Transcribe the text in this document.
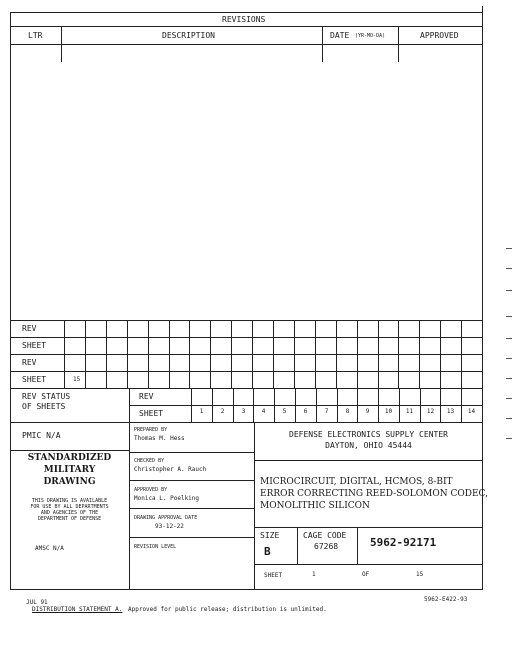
REVISIONS
LTR	DESCRIPTION	DATE (YR-MO-DA)	APPROVED
REV
SHEET
REV
SHEET	15
REV STATUS
OF SHEETS
REV
SHEET	1	2	3	4	5	6	7	8	9	10	11	12	13	14
PMIC N/A
STANDARDIZED
MILITARY
DRAWING
THIS DRAWING IS AVAILABLE
FOR USE BY ALL DEPARTMENTS
AND AGENCIES OF THE
DEPARTMENT OF DEFENSE
AMSC N/A
PREPARED BY
Thomas M. Hess
CHECKED BY
Christopher A. Rauch
APPROVED BY
Monica L. Poelking
DRAWING APPROVAL DATE
93-12-22
REVISION LEVEL
DEFENSE ELECTRONICS SUPPLY CENTER
DAYTON, OHIO 45444
MICROCIRCUIT, DIGITAL, HCMOS, 8-BIT
ERROR CORRECTING REED-SOLOMON CODEC,
MONOLITHIC SILICON
SIZE
B
CAGE CODE
67268	5962-92171
SHEET	1	OF	15
JUL 91	5962-E422-93
DISTRIBUTION STATEMENT A. Approved for public release; distribution is unlimited.
